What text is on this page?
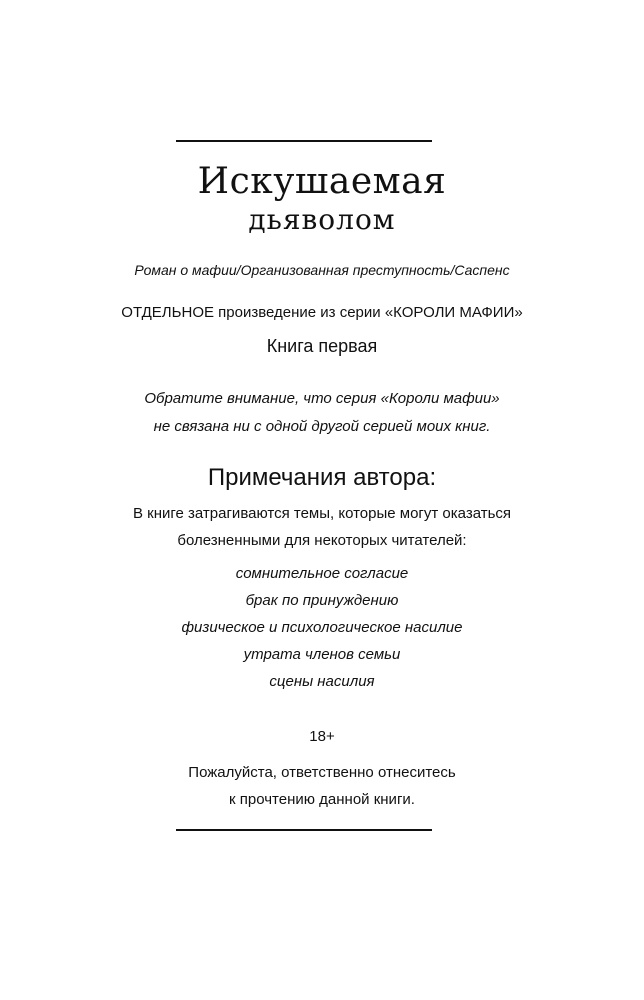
Искушаемая
дьяволом
Роман о мафии/Организованная преступность/Саспенс
ОТДЕЛЬНОЕ произведение из серии «КОРОЛИ МАФИИ»
Книга первая
Обратите внимание, что серия «Короли мафии»
не связана ни с одной другой серией моих книг.
Примечания автора:
В книге затрагиваются темы, которые могут оказаться
болезненными для некоторых читателей:
сомнительное согласие
брак по принуждению
физическое и психологическое насилие
утрата членов семьи
сцены насилия
18+
Пожалуйста, ответственно отнеситесь
к прочтению данной книги.
